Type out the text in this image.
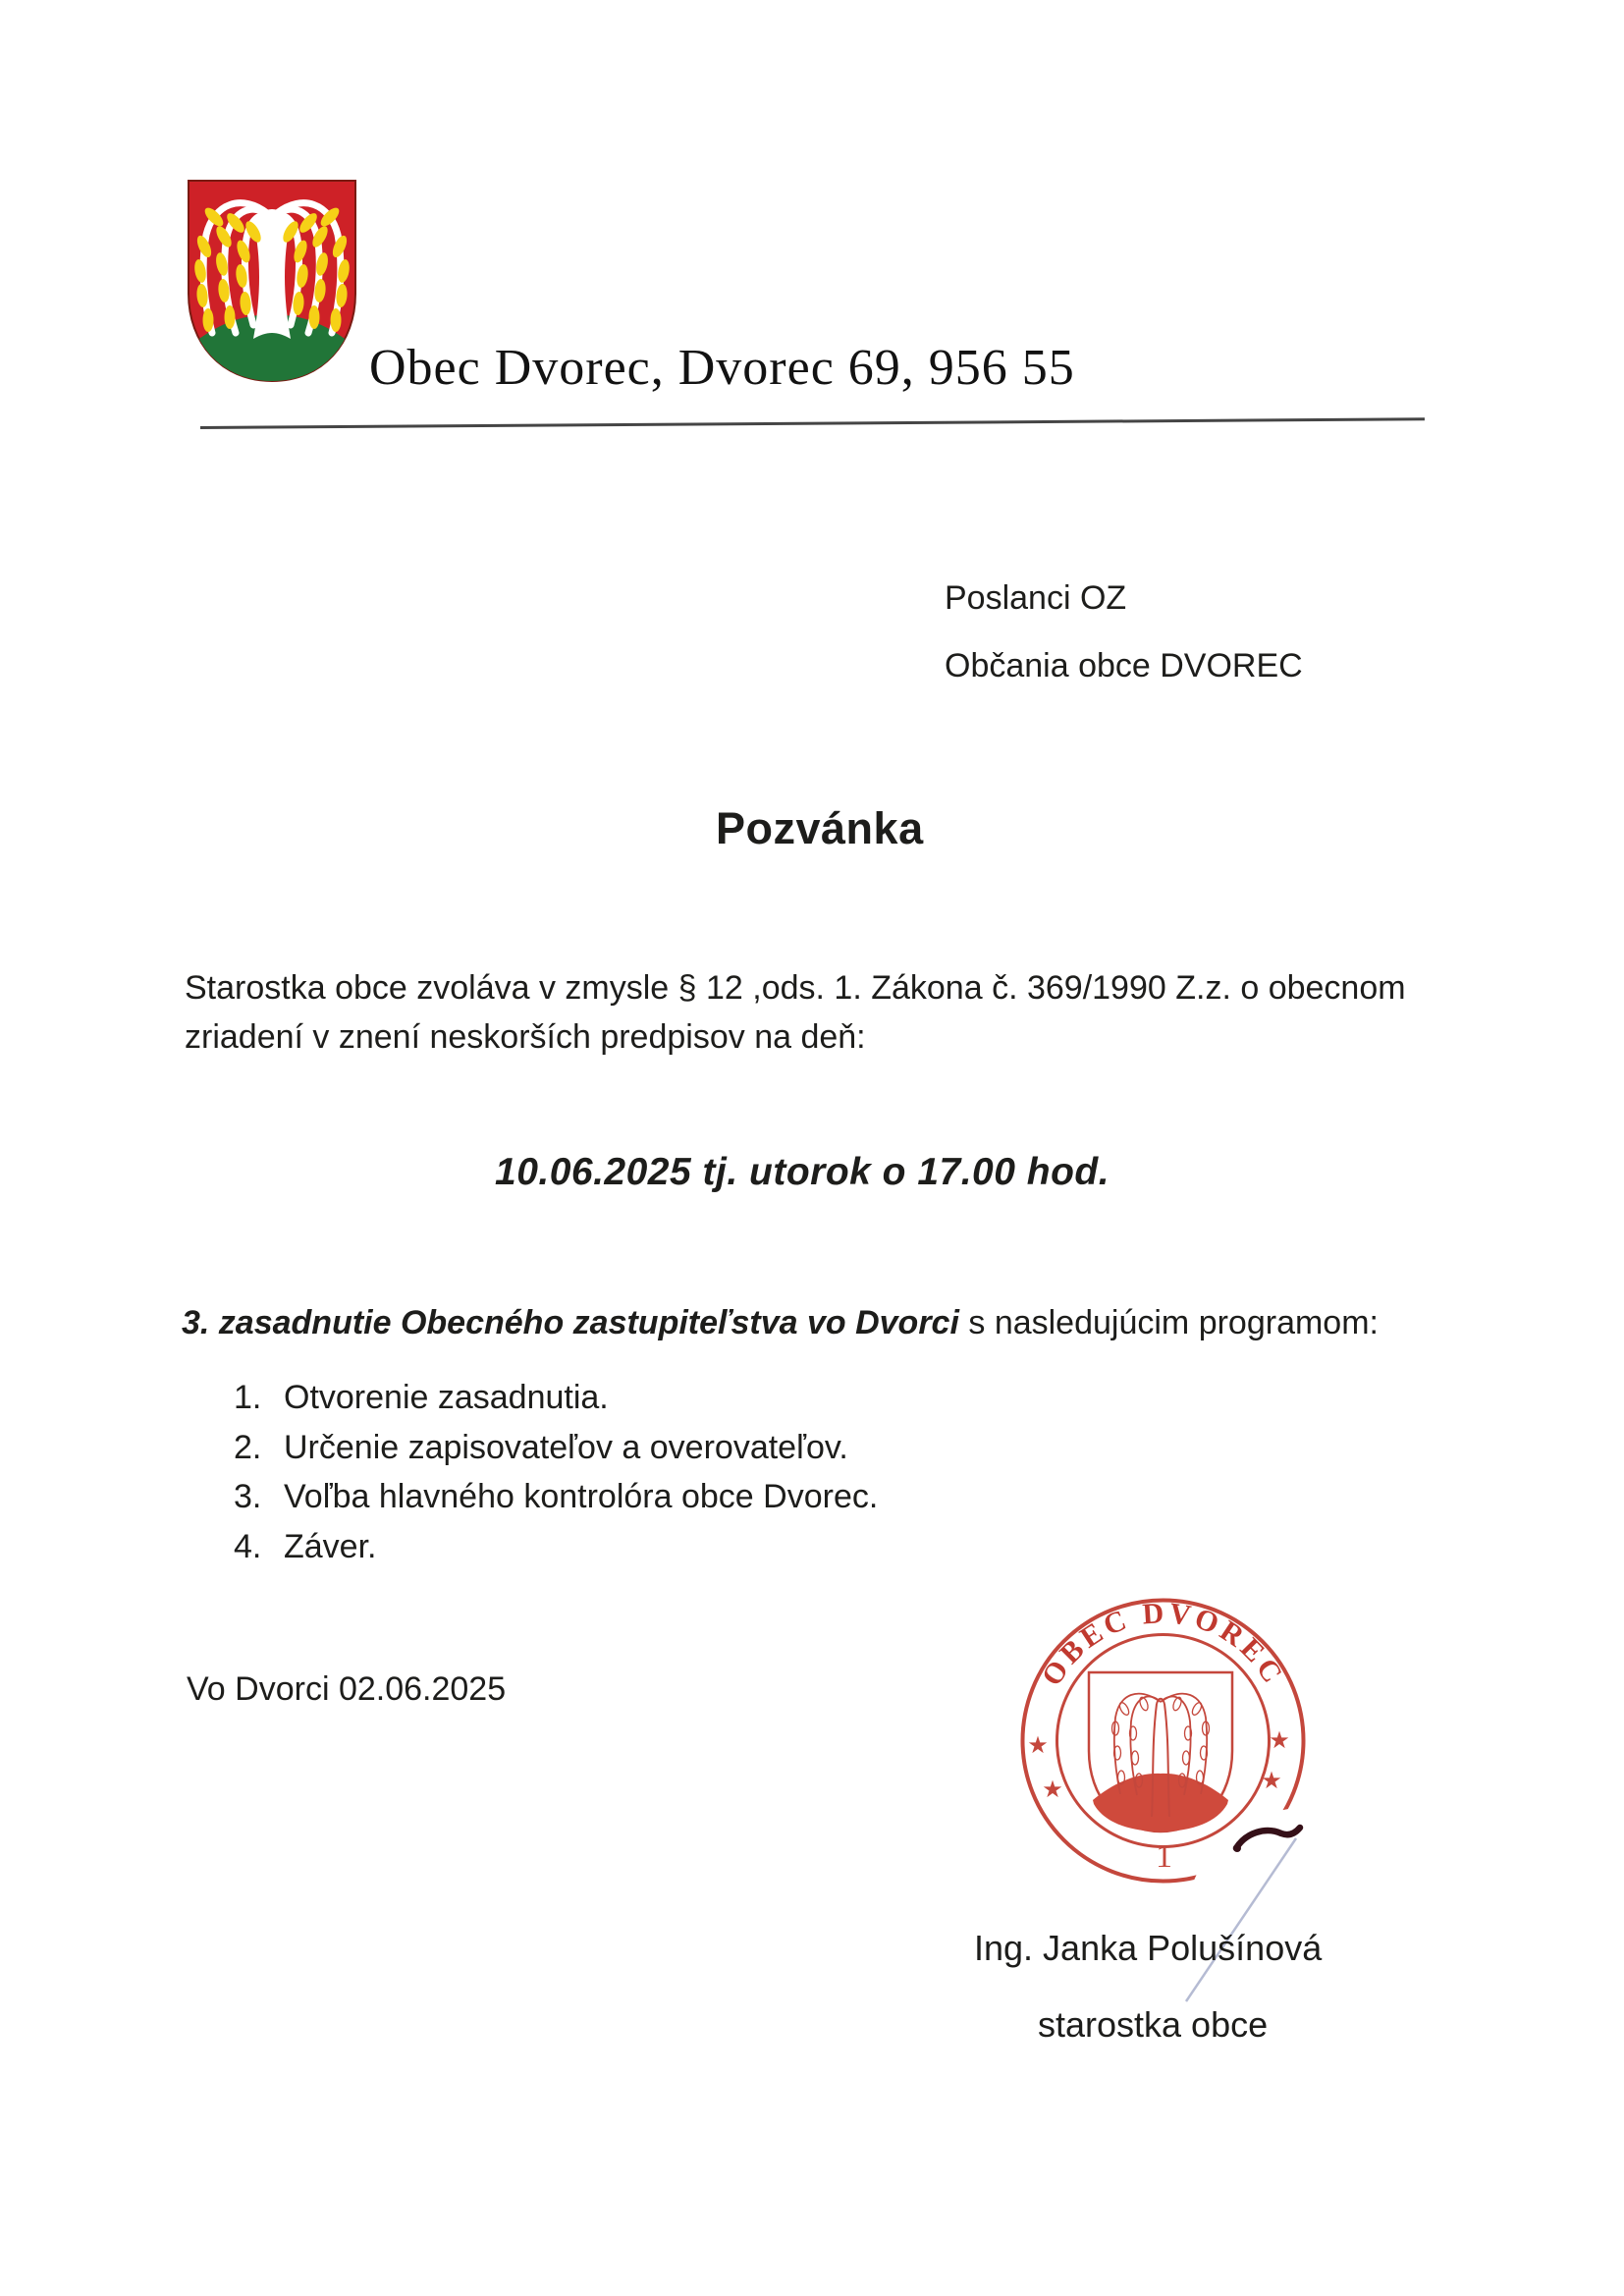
Obec Dvorec, Dvorec 69, 956 55
Poslanci OZ
Občania obce DVOREC
Pozvánka
Starostka obce zvoláva v zmysle § 12 ,ods. 1. Zákona č. 369/1990 Z.z. o obecnom zriadení v znení neskorších predpisov na deň:
10.06.2025 tj. utorok o 17.00 hod.
3. zasadnutie Obecného zastupiteľstva vo Dvorci s nasledujúcim programom:
1. Otvorenie zasadnutia.
2. Určenie zapisovateľov a overovateľov.
3. Voľba hlavného kontrolóra obce Dvorec.
4. Záver.
Vo Dvorci 02.06.2025	OBEC DVOREC
★
★
★
★
1
Ing. Janka Polušínová
starostka obce
